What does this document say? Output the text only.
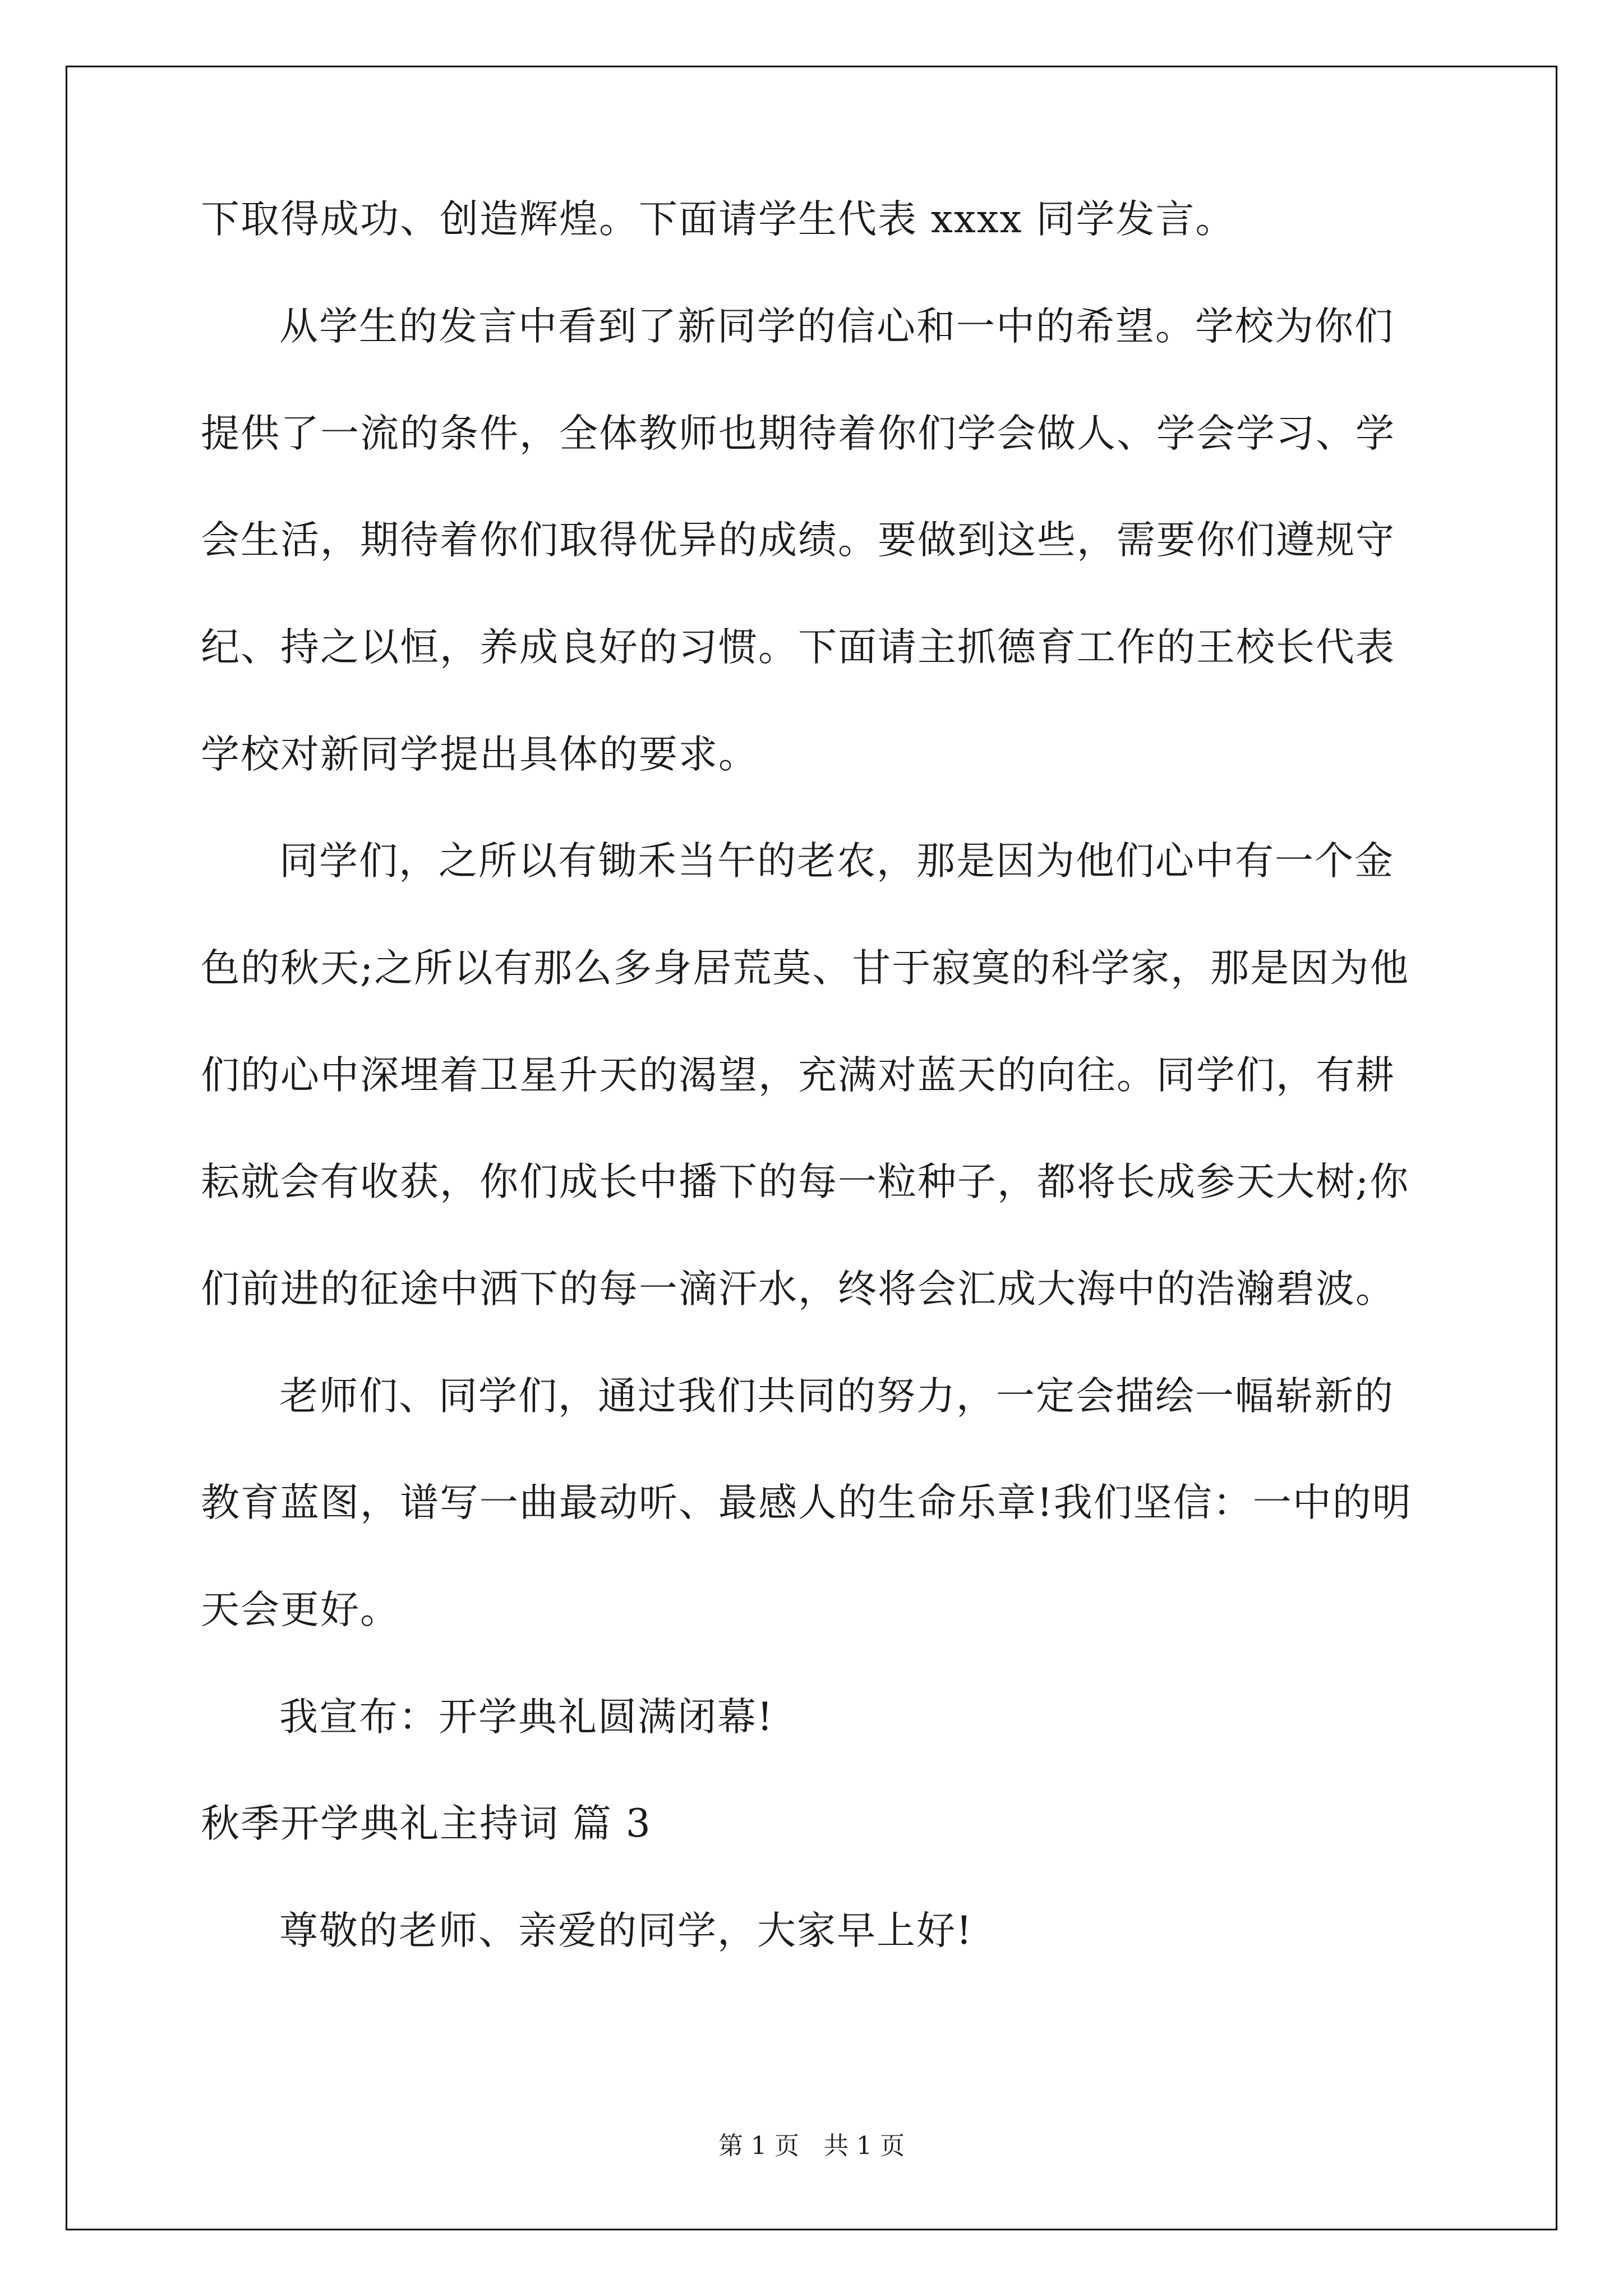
下取得成功、创造辉煌。下面请学生代表 xxxx 同学发言。
从学生的发言中看到了新同学的信心和一中的希望。学校为你们
提供了一流的条件，全体教师也期待着你们学会做人、学会学习、学
会生活，期待着你们取得优异的成绩。要做到这些，需要你们遵规守
纪、持之以恒，养成良好的习惯。下面请主抓德育工作的王校长代表
学校对新同学提出具体的要求。
同学们，之所以有锄禾当午的老农，那是因为他们心中有一个金
色的秋天;之所以有那么多身居荒莫、甘于寂寞的科学家，那是因为他
们的心中深埋着卫星升天的渴望，充满对蓝天的向往。同学们，有耕
耘就会有收获，你们成长中播下的每一粒种子，都将长成参天大树;你
们前进的征途中洒下的每一滴汗水，终将会汇成大海中的浩瀚碧波。
老师们、同学们，通过我们共同的努力，一定会描绘一幅崭新的
教育蓝图，谱写一曲最动听、最感人的生命乐章!我们坚信：一中的明
天会更好。
我宣布：开学典礼圆满闭幕!
秋季开学典礼主持词 篇 3
尊敬的老师、亲爱的同学，大家早上好!
第 1 页　共 1 页
